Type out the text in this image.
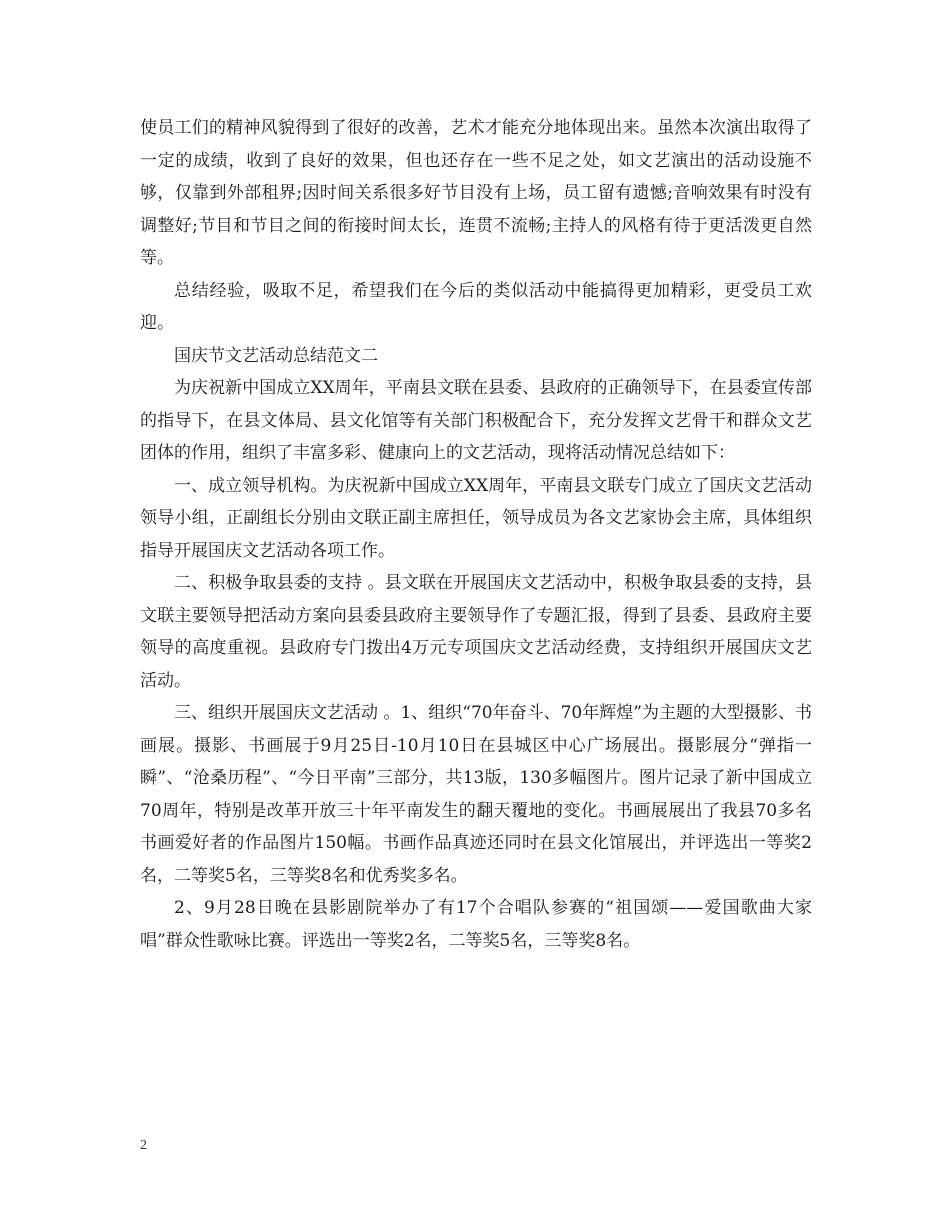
使员工们的精神风貌得到了很好的改善，艺术才能充分地体现出来。虽然本次演出取得了一定的成绩，收到了良好的效果，但也还存在一些不足之处，如文艺演出的活动设施不够，仅靠到外部租界;因时间关系很多好节目没有上场，员工留有遗憾;音响效果有时没有调整好;节目和节目之间的衔接时间太长，连贯不流畅;主持人的风格有待于更活泼更自然等。

总结经验，吸取不足，希望我们在今后的类似活动中能搞得更加精彩，更受员工欢迎。

国庆节文艺活动总结范文二

为庆祝新中国成立XX周年，平南县文联在县委、县政府的正确领导下，在县委宣传部的指导下，在县文体局、县文化馆等有关部门积极配合下，充分发挥文艺骨干和群众文艺团体的作用，组织了丰富多彩、健康向上的文艺活动，现将活动情况总结如下：

一、成立领导机构。为庆祝新中国成立XX周年，平南县文联专门成立了国庆文艺活动领导小组，正副组长分别由文联正副主席担任，领导成员为各文艺家协会主席，具体组织指导开展国庆文艺活动各项工作。

二、积极争取县委的支持 。县文联在开展国庆文艺活动中，积极争取县委的支持，县文联主要领导把活动方案向县委县政府主要领导作了专题汇报，得到了县委、县政府主要领导的高度重视。县政府专门拨出4万元专项国庆文艺活动经费，支持组织开展国庆文艺活动。

三、组织开展国庆文艺活动 。1、组织“70年奋斗、70年辉煌”为主题的大型摄影、书画展。摄影、书画展于9月25日-10月10日在县城区中心广场展出。摄影展分“弹指一瞬”、“沧桑历程”、“今日平南”三部分，共13版，130多幅图片。图片记录了新中国成立70周年，特别是改革开放三十年平南发生的翻天覆地的变化。书画展展出了我县70多名书画爱好者的作品图片150幅。书画作品真迹还同时在县文化馆展出，并评选出一等奖2名，二等奖5名，三等奖8名和优秀奖多名。

2、9月28日晚在县影剧院举办了有17个合唱队参赛的“祖国颂——爱国歌曲大家唱”群众性歌咏比赛。评选出一等奖2名，二等奖5名，三等奖8名。

2
